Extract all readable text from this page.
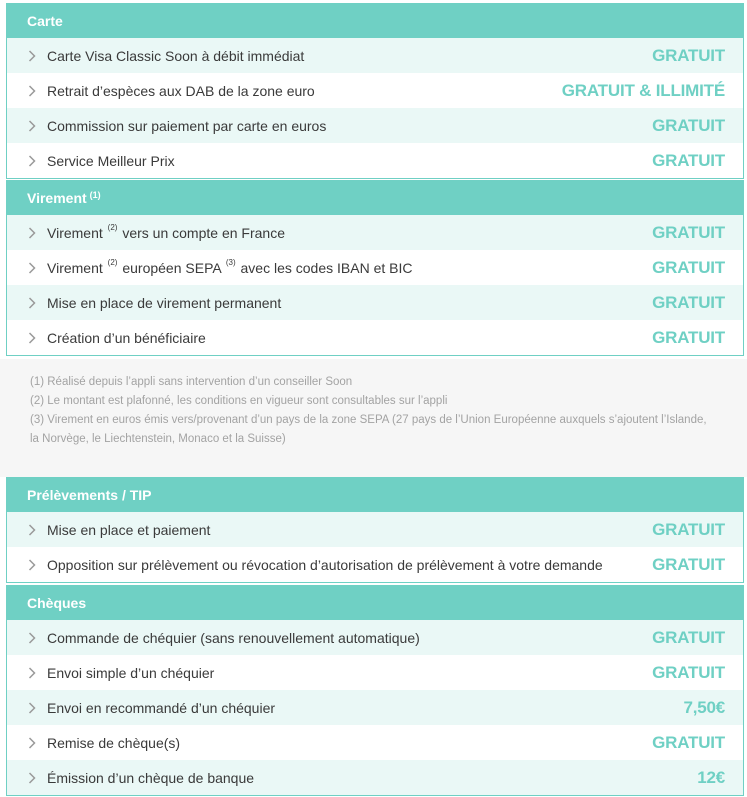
Carte
Carte Visa Classic Soon à débit immédiat	GRATUIT
Retrait d’espèces aux DAB de la zone euro	GRATUIT & ILLIMITÉ
Commission sur paiement par carte en euros	GRATUIT
Service Meilleur Prix	GRATUIT
Virement $^{(1)}$
Virement $^{(2)}$ vers un compte en France	GRATUIT
Virement $^{(2)}$ européen SEPA $^{(3)}$ avec les codes IBAN et BIC	GRATUIT
Mise en place de virement permanent	GRATUIT
Création d’un bénéficiaire	GRATUIT

(1) Réalisé depuis l’appli sans intervention d’un conseiller Soon

(2) Le montant est plafonné, les conditions en vigueur sont consultables sur l’appli

(3) Virement en euros émis vers/provenant d’un pays de la zone SEPA (27 pays de l’Union Européenne auxquels s’ajoutent l’Islande, la Norvège, le Liechtenstein, Monaco et la Suisse)

Prélèvements / TIP
Mise en place et paiement	GRATUIT
Opposition sur prélèvement ou révocation d’autorisation de prélèvement à votre demande	GRATUIT
Chèques
Commande de chéquier (sans renouvellement automatique)	GRATUIT
Envoi simple d’un chéquier	GRATUIT
Envoi en recommandé d’un chéquier	7,50€
Remise de chèque(s)	GRATUIT
Émission d’un chèque de banque	12€
